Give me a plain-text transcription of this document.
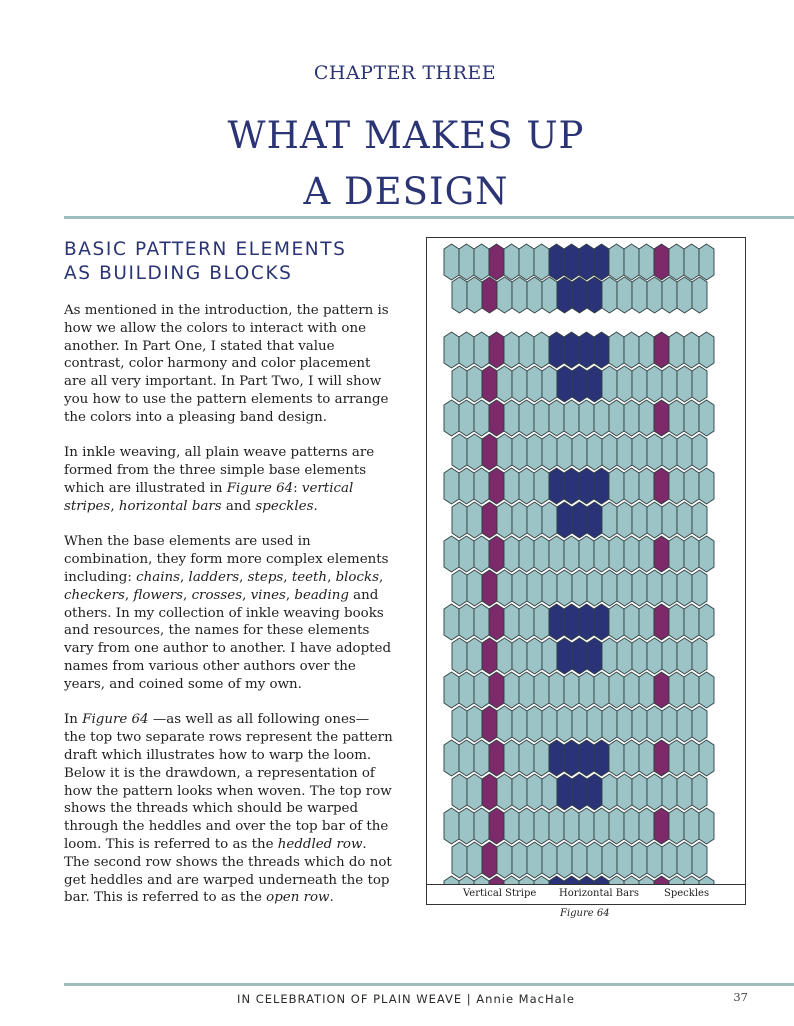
CHAPTER THREE
WHAT MAKES UP
A DESIGN
BASIC PATTERN ELEMENTS
AS BUILDING BLOCKS

As mentioned in the introduction, the pattern is how we allow the colors to interact with one another. In Part One, I stated that value contrast, color harmony and color placement are all very important. In Part Two, I will show you how to use the pattern elements to arrange the colors into a pleasing band design.

In inkle weaving, all plain weave patterns are formed from the three simple base elements which are illustrated in Figure 64: vertical stripes, horizontal bars and speckles.

When the base elements are used in combination, they form more complex elements including: chains, ladders, steps, teeth, blocks, checkers, flowers, crosses, vines, beading and others. In my collection of inkle weaving books and resources, the names for these elements vary from one author to another. I have adopted names from various other authors over the years, and coined some of my own.

In Figure 64 —as well as all following ones— the top two separate rows represent the pattern draft which illustrates how to warp the loom. Below it is the drawdown, a representation of how the pattern looks when woven. The top row shows the threads which should be warped through the heddles and over the top bar of the loom. This is referred to as the heddled row. The second row shows the threads which do not get heddles and are warped underneath the top bar. This is referred to as the open row.	Vertical Stripe Horizontal Bars Speckles
Figure 64
IN CELEBRATION OF PLAIN WEAVE | Annie MacHale	37
